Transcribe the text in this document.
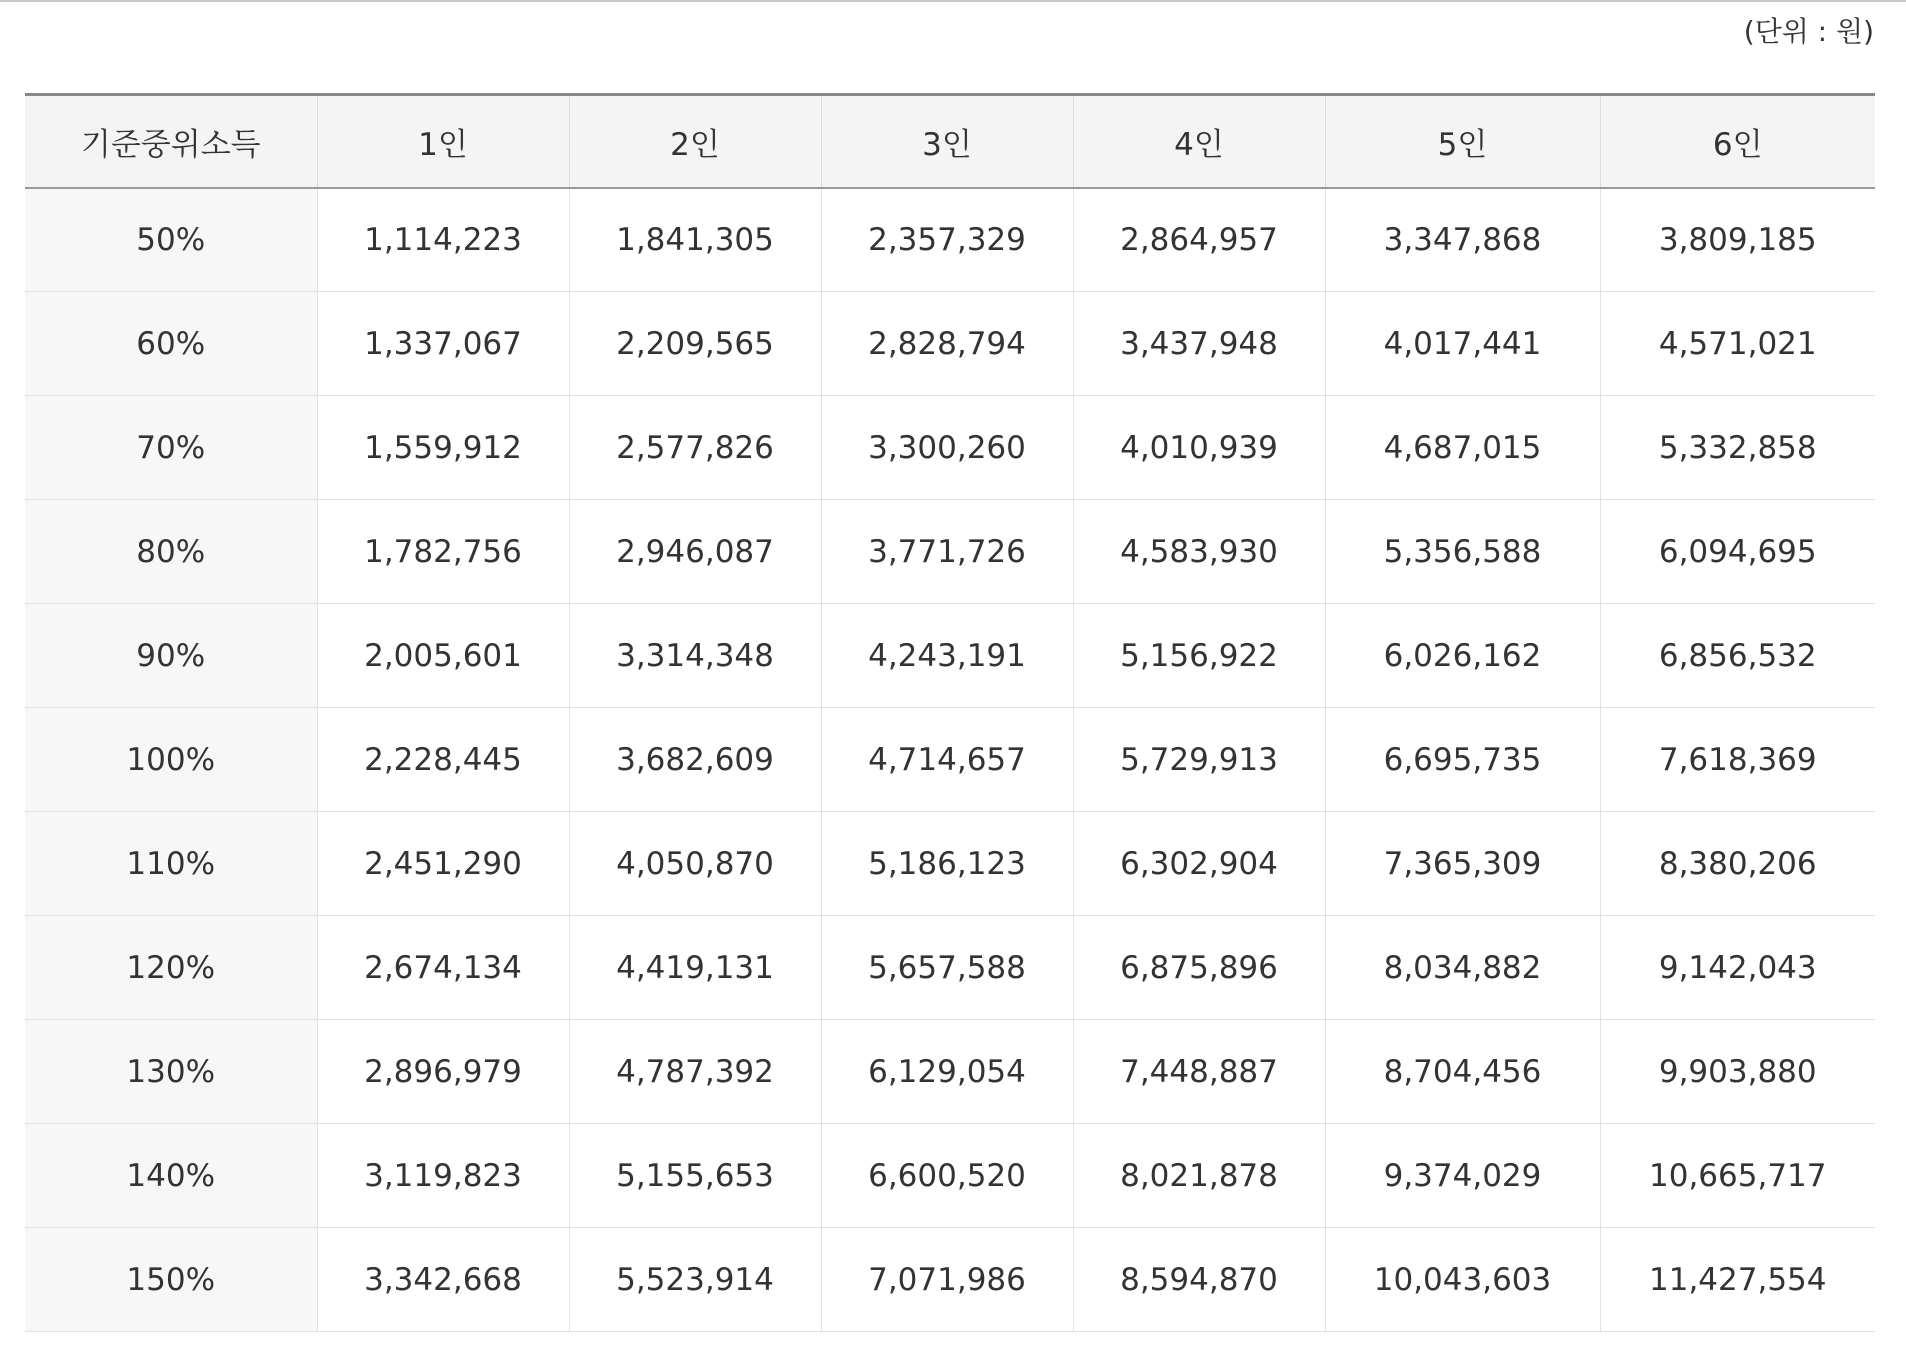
(단위 : 원)
기준중위소득	1인	2인	3인	4인	5인	6인
50%	1,114,223	1,841,305	2,357,329	2,864,957	3,347,868	3,809,185
60%	1,337,067	2,209,565	2,828,794	3,437,948	4,017,441	4,571,021
70%	1,559,912	2,577,826	3,300,260	4,010,939	4,687,015	5,332,858
80%	1,782,756	2,946,087	3,771,726	4,583,930	5,356,588	6,094,695
90%	2,005,601	3,314,348	4,243,191	5,156,922	6,026,162	6,856,532
100%	2,228,445	3,682,609	4,714,657	5,729,913	6,695,735	7,618,369
110%	2,451,290	4,050,870	5,186,123	6,302,904	7,365,309	8,380,206
120%	2,674,134	4,419,131	5,657,588	6,875,896	8,034,882	9,142,043
130%	2,896,979	4,787,392	6,129,054	7,448,887	8,704,456	9,903,880
140%	3,119,823	5,155,653	6,600,520	8,021,878	9,374,029	10,665,717
150%	3,342,668	5,523,914	7,071,986	8,594,870	10,043,603	11,427,554
